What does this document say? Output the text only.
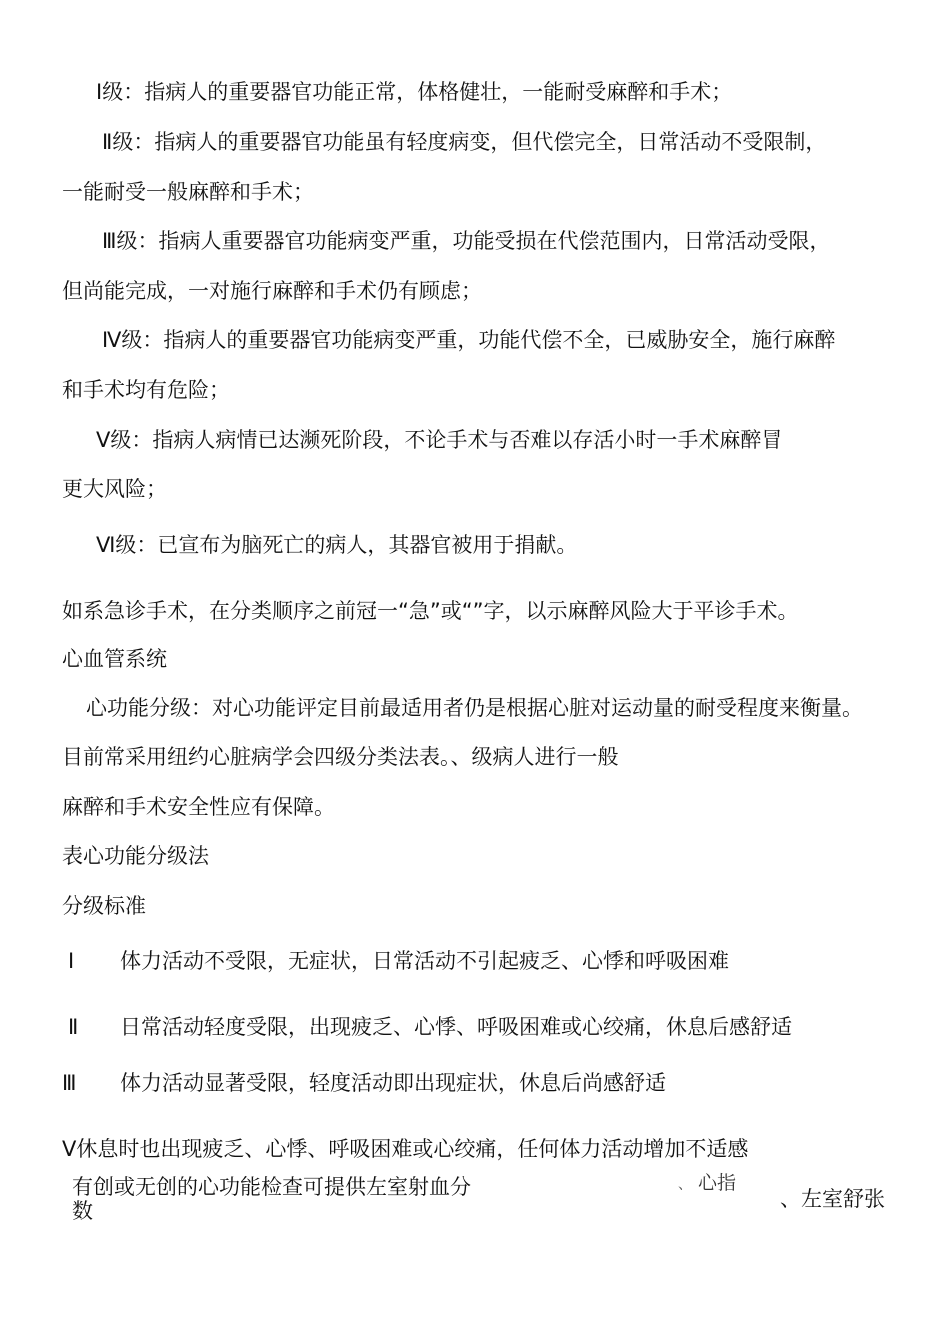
Ⅰ级：指病人的重要器官功能正常，体格健壮，一能耐受麻醉和手术；
Ⅱ级：指病人的重要器官功能虽有轻度病变，但代偿完全，日常活动不受限制，
一能耐受一般麻醉和手术；
Ⅲ级：指病人重要器官功能病变严重，功能受损在代偿范围内，日常活动受限，
但尚能完成，一对施行麻醉和手术仍有顾虑；
Ⅳ级：指病人的重要器官功能病变严重，功能代偿不全，已威胁安全，施行麻醉
和手术均有危险；
Ⅴ级：指病人病情已达濒死阶段，不论手术与否难以存活小时一手术麻醉冒
更大风险；
Ⅵ级：已宣布为脑死亡的病人，其器官被用于捐献。
如系急诊手术，在分类顺序之前冠一“急”或“”字，以示麻醉风险大于平诊手术。
心血管系统
心功能分级：对心功能评定目前最适用者仍是根据心脏对运动量的耐受程度来衡量。
目前常采用纽约心脏病学会四级分类法表。、级病人进行一般
麻醉和手术安全性应有保障。
表心功能分级法
分级标准
Ⅰ 体力活动不受限，无症状，日常活动不引起疲乏、心悸和呼吸困难
Ⅱ 日常活动轻度受限，出现疲乏、心悸、呼吸困难或心绞痛，休息后感舒适
Ⅲ 体力活动显著受限，轻度活动即出现症状，休息后尚感舒适
Ⅴ休息时也出现疲乏、心悸、呼吸困难或心绞痛，任何体力活动增加不适感
有创或无创的心功能检查可提供左室射血分
数
、 心指
、左室舒张
